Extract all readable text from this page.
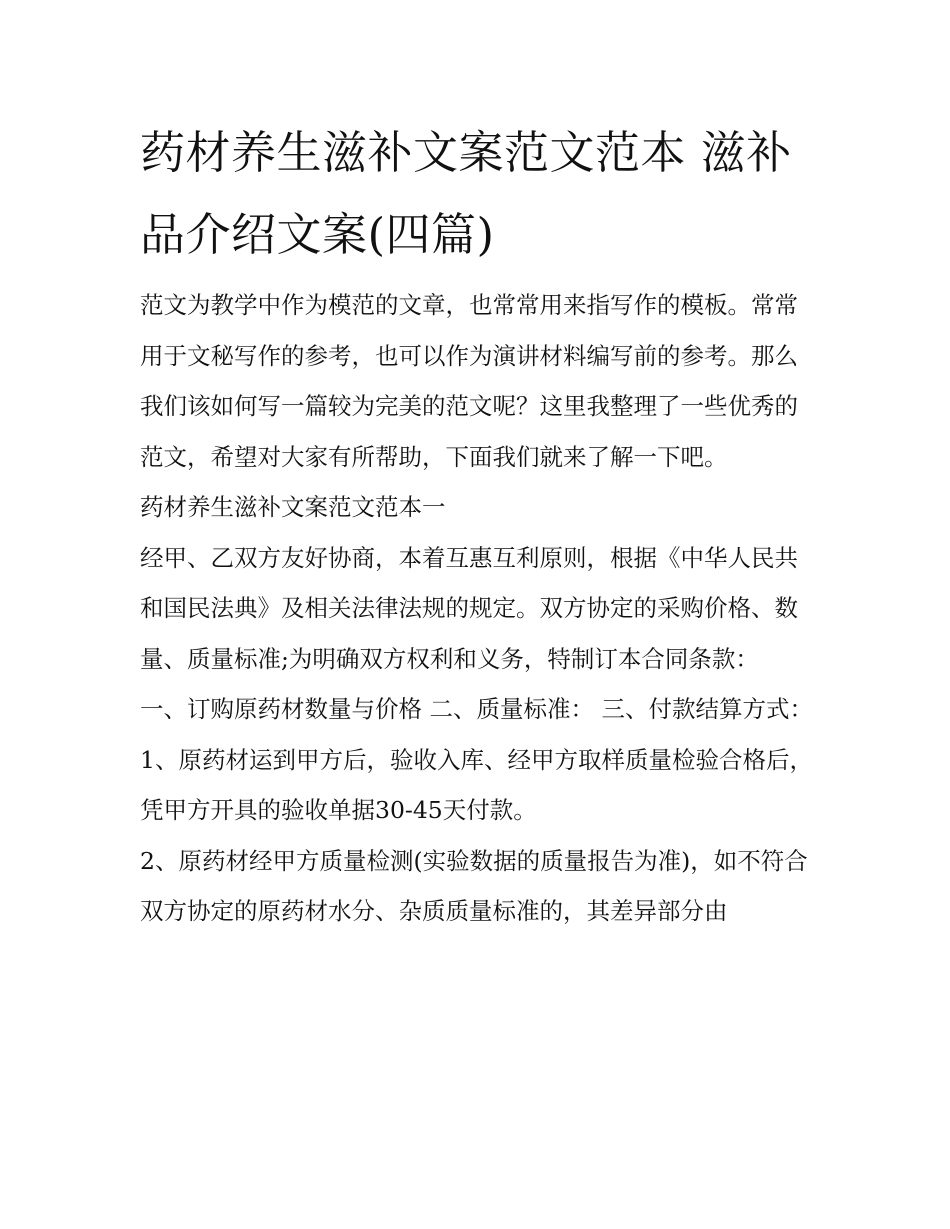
药材养生滋补文案范文范本 滋补品介绍文案(四篇)

范文为教学中作为模范的文章，也常常用来指写作的模板。常常用于文秘写作的参考，也可以作为演讲材料编写前的参考。那么我们该如何写一篇较为完美的范文呢？这里我整理了一些优秀的范文，希望对大家有所帮助，下面我们就来了解一下吧。

药材养生滋补文案范文范本一

经甲、乙双方友好协商，本着互惠互利原则，根据《中华人民共和国民法典》及相关法律法规的规定。双方协定的采购价格、数量、质量标准;为明确双方权利和义务，特制订本合同条款：

一、订购原药材数量与价格 二、质量标准： 三、付款结算方式：

1、原药材运到甲方后，验收入库、经甲方取样质量检验合格后，凭甲方开具的验收单据30-45天付款。

2、原药材经甲方质量检测(实验数据的质量报告为准)，如不符合双方协定的原药材水分、杂质质量标准的，其差异部分由
